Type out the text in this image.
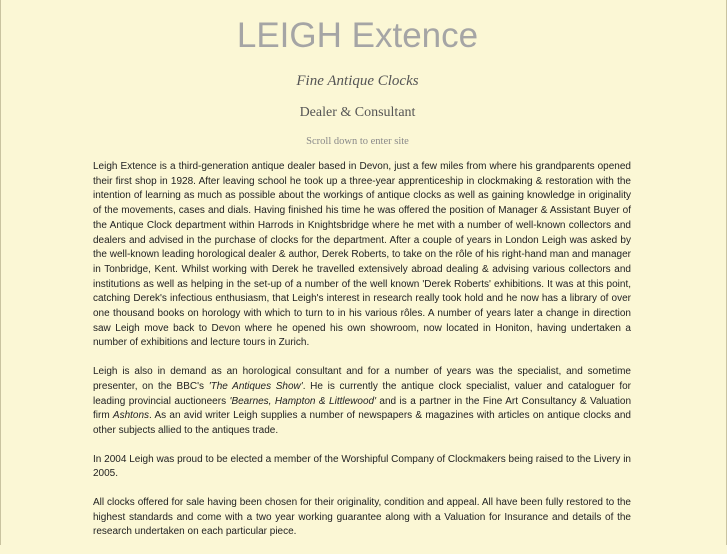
LEIGH Extence
Fine Antique Clocks
Dealer & Consultant
Scroll down to enter site

Leigh Extence is a third-generation antique dealer based in Devon, just a few miles from where his grandparents opened their first shop in 1928. After leaving school he took up a three-year apprenticeship in clockmaking & restoration with the intention of learning as much as possible about the workings of antique clocks as well as gaining knowledge in originality of the movements, cases and dials. Having finished his time he was offered the position of Manager & Assistant Buyer of the Antique Clock department within Harrods in Knightsbridge where he met with a number of well-known collectors and dealers and advised in the purchase of clocks for the department. After a couple of years in London Leigh was asked by the well-known leading horological dealer & author, Derek Roberts, to take on the rôle of his right-hand man and manager in Tonbridge, Kent. Whilst working with Derek he travelled extensively abroad dealing & advising various collectors and institutions as well as helping in the set-up of a number of the well known 'Derek Roberts' exhibitions. It was at this point, catching Derek's infectious enthusiasm, that Leigh's interest in research really took hold and he now has a library of over one thousand books on horology with which to turn to in his various rôles. A number of years later a change in direction saw Leigh move back to Devon where he opened his own showroom, now located in Honiton, having undertaken a number of exhibitions and lecture tours in Zurich.

Leigh is also in demand as an horological consultant and for a number of years was the specialist, and sometime presenter, on the BBC's 'The Antiques Show'. He is currently the antique clock specialist, valuer and cataloguer for leading provincial auctioneers 'Bearnes, Hampton & Littlewood' and is a partner in the Fine Art Consultancy & Valuation firm Ashtons. As an avid writer Leigh supplies a number of newspapers & magazines with articles on antique clocks and other subjects allied to the antiques trade.

In 2004 Leigh was proud to be elected a member of the Worshipful Company of Clockmakers being raised to the Livery in 2005.

All clocks offered for sale having been chosen for their originality, condition and appeal. All have been fully restored to the highest standards and come with a two year working guarantee along with a Valuation for Insurance and details of the research undertaken on each particular piece.
